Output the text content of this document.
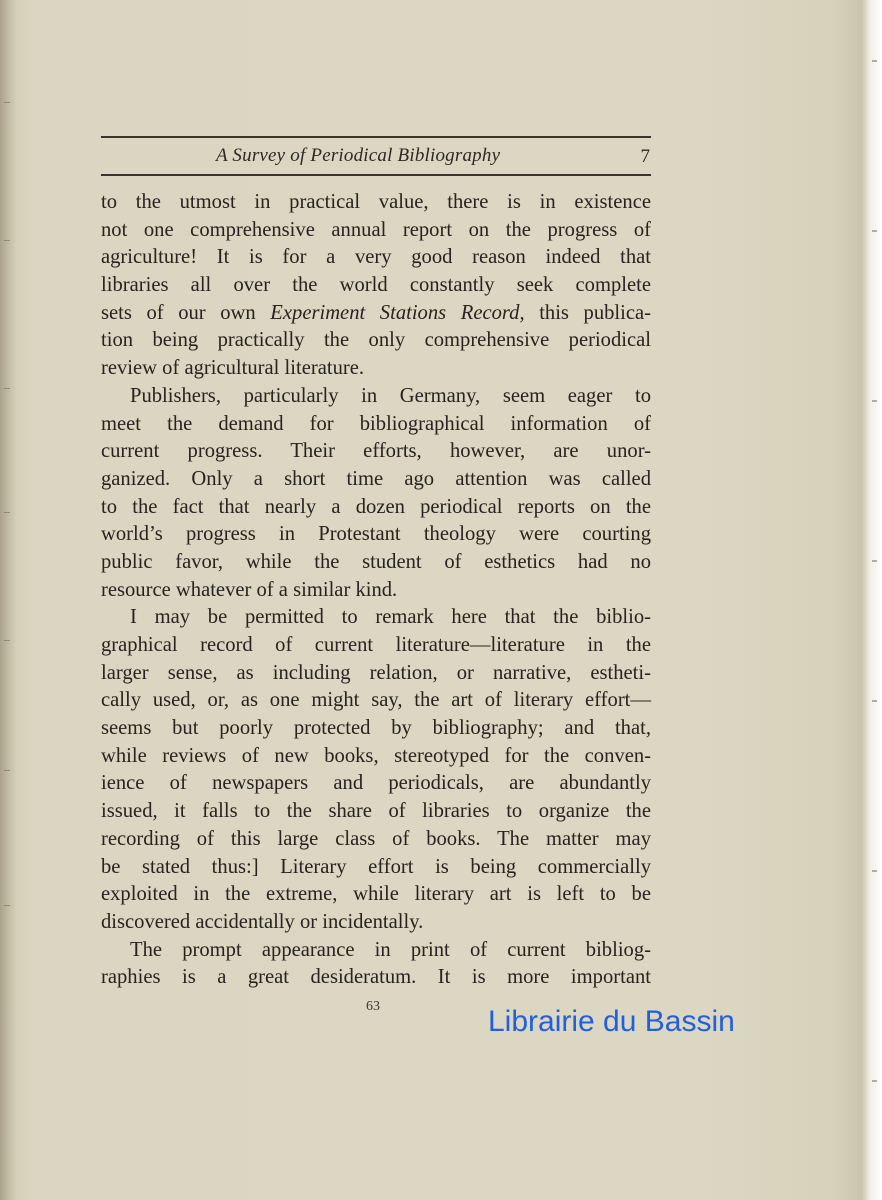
A Survey of Periodical Bibliography	7
to the utmost in practical value, there is in existence
not one comprehensive annual report on the progress of
agriculture! It is for a very good reason indeed that
libraries all over the world constantly seek complete
sets of our own Experiment Stations Record, this publica-
tion being practically the only comprehensive periodical
review of agricultural literature.
Publishers, particularly in Germany, seem eager to
meet the demand for bibliographical information of
current progress. Their efforts, however, are unor-
ganized. Only a short time ago attention was called
to the fact that nearly a dozen periodical reports on the
world’s progress in Protestant theology were courting
public favor, while the student of esthetics had no
resource whatever of a similar kind.
I may be permitted to remark here that the biblio-
graphical record of current literature—literature in the
larger sense, as including relation, or narrative, estheti-
cally used, or, as one might say, the art of literary effort—
seems but poorly protected by bibliography; and that,
while reviews of new books, stereotyped for the conven-
ience of newspapers and periodicals, are abundantly
issued, it falls to the share of libraries to organize the
recording of this large class of books. The matter may
be stated thus:] Literary effort is being commercially
exploited in the extreme, while literary art is left to be
discovered accidentally or incidentally.
The prompt appearance in print of current bibliog-
raphies is a great desideratum. It is more important
63	Librairie du Bassin
